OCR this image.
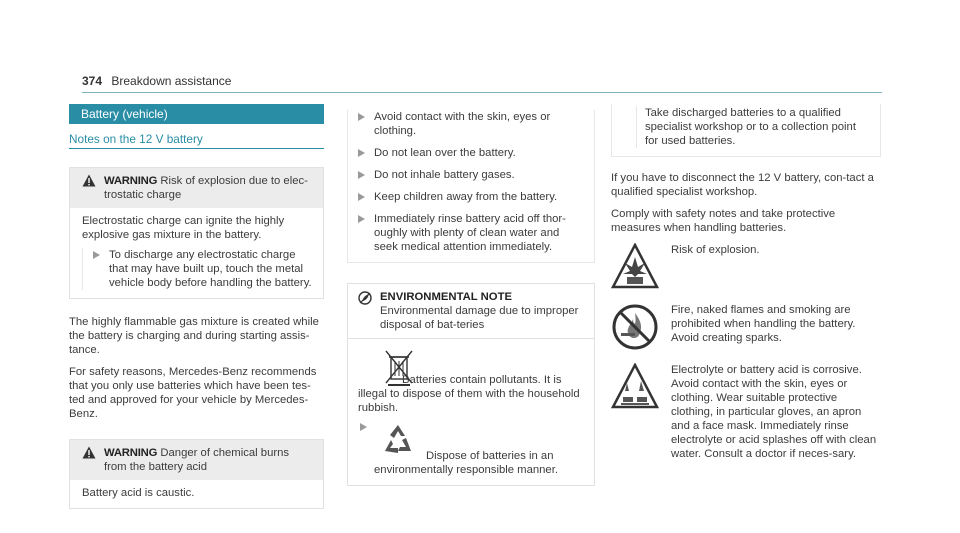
374 Breakdown assistance
Battery (vehicle)
Notes on the 12 V battery
WARNING Risk of explosion due to elec- trostatic charge

Electrostatic charge can ignite the highly explosive gas mixture in the battery.

To discharge any electrostatic charge that may have built up, touch the metal vehicle body before handling the battery.

The highly flammable gas mixture is created while the battery is charging and during starting assis-tance.

For safety reasons, Mercedes-Benz recommends that you only use batteries which have been tes-ted and approved for your vehicle by Mercedes-Benz.

WARNING Danger of chemical burns from the battery acid

Battery acid is caustic.

Avoid contact with the skin, eyes or clothing.
Do not lean over the battery.
Do not inhale battery gases.
Keep children away from the battery.
Immediately rinse battery acid off thor-oughly with plenty of clean water and seek medical attention immediately.
ENVIRONMENTAL NOTE Environmental damage due to improper disposal of bat-teries

Batteries contain pollutants. It is illegal to dispose of them with the household rubbish.

Dispose of batteries in an environmentally responsible manner.

Take discharged batteries to a qualified specialist workshop or to a collection point for used batteries.

If you have to disconnect the 12 V battery, con-tact a qualified specialist workshop.

Comply with safety notes and take protective measures when handling batteries.

Risk of explosion.

Fire, naked flames and smoking are prohibited when handling the battery. Avoid creating sparks.

Electrolyte or battery acid is corrosive. Avoid contact with the skin, eyes or clothing. Wear suitable protective clothing, in particular gloves, an apron and a face mask. Immediately rinse electrolyte or acid splashes off with clean water. Consult a doctor if neces-sary.
